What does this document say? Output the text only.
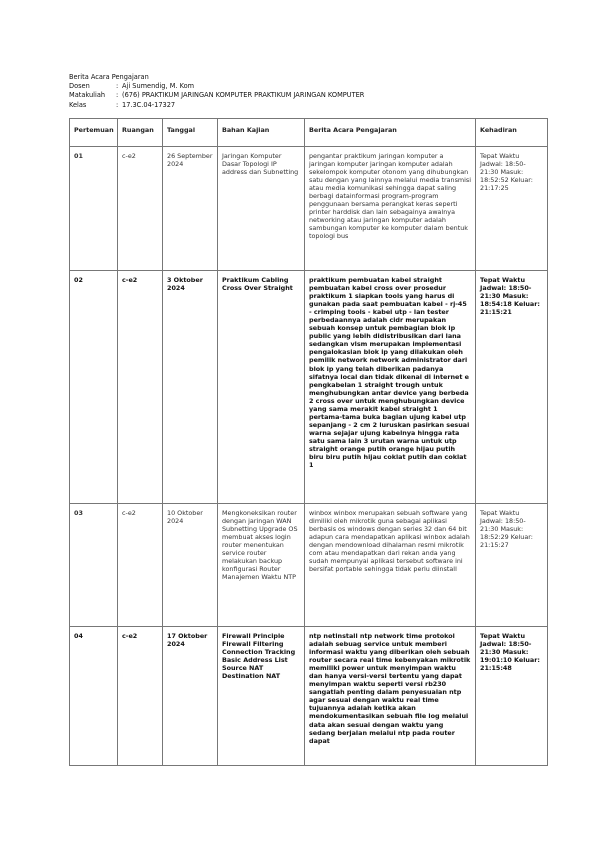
Berita Acara Pengajaran
Dosen	: Aji Sumendig, M. Kom
Matakuliah	: (676) PRAKTIKUM JARINGAN KOMPUTER PRAKTIKUM JARINGAN KOMPUTER
Kelas	: 17.3C.04-17327
Pertemuan	Ruangan	Tanggal	Bahan Kajian	Berita Acara Pengajaran	Kehadiran
01	c-e2	26 September 2024	Jaringan Komputer Dasar Topologi IP address dan Subnetting	pengantar praktikum jaringan komputer a jaringan komputer jaringan komputer adalah sekelompok komputer otonom yang dihubungkan satu dengan yang lainnya melalui media transmisi atau media komunikasi sehingga dapat saling berbagi datainformasi program-program penggunaan bersama perangkat keras seperti printer harddisk dan lain sebagainya awalnya networking atau jaringan komputer adalah sambungan komputer ke komputer dalam bentuk topologi bus	Tepat Waktu Jadwal: 18:50-21:30 Masuk: 18:52:52 Keluar: 21:17:25
02	c-e2	3 Oktober 2024	Praktikum Cabling Cross Over Straight	praktikum pembuatan kabel straight pembuatan kabel cross over prosedur praktikum 1 siapkan tools yang harus di gunakan pada saat pembuatan kabel - rj-45 - crimping tools - kabel utp - lan tester perbedaannya adalah cidr merupakan sebuah konsep untuk pembagian blok ip public yang lebih didistribusikan dari lana sedangkan vlsm merupakan implementasi pengalokasian blok ip yang dilakukan oleh pemilik network network administrator dari blok ip yang telah diberikan padanya sifatnya local dan tidak dikenal di internet e pengkabelan 1 straight trough untuk menghubungkan antar device yang berbeda 2 cross over untuk menghubungkan device yang sama merakit kabel straight 1 pertama-tama buka bagian ujung kabel utp sepanjang - 2 cm 2 luruskan pasirkan sesuai warna sejajar ujung kabelnya hingga rata satu sama lain 3 urutan warna untuk utp straight orange putih orange hijau putih biru biru putih hijau coklat putih dan coklat 1	Tepat Waktu Jadwal: 18:50-21:30 Masuk: 18:54:18 Keluar: 21:15:21
03	c-e2	10 Oktober 2024	Mengkoneksikan router dengan jaringan WAN Subnetting Upgrade OS membuat akses login router menentukan service router melakukan backup konfigurasi Router Manajemen Waktu NTP	winbox winbox merupakan sebuah software yang dimiliki oleh mikrotik guna sebagai aplikasi berbasis os windows dengan series 32 dan 64 bit adapun cara mendapatkan aplikasi winbox adalah dengan mendownload dihalaman resmi mikrotik com atau mendapatkan dari rekan anda yang sudah mempunyai aplikasi tersebut software ini bersifat portable sehingga tidak perlu diinstall	Tepat Waktu Jadwal: 18:50-21:30 Masuk: 18:52:29 Keluar: 21:15:27
04	c-e2	17 Oktober 2024	Firewall Principle Firewall Filtering Connection Tracking Basic Address List Source NAT Destination NAT	ntp netinstall ntp network time protokol adalah sebuag service untuk memberi informasi waktu yang diberikan oleh sebuah router secara real time kebenyakan mikrotik memiliki power untuk menyimpan waktu dan hanya versi-versi tertentu yang dapat menyimpan waktu seperti versi rb230 sangatlah penting dalam penyesuaian ntp agar sesuai dengan waktu real time tujuannya adalah ketika akan mendokumentasikan sebuah file log melalui data akan sesuai dengan waktu yang sedang berjalan melalui ntp pada router dapat	Tepat Waktu Jadwal: 18:50-21:30 Masuk: 19:01:10 Keluar: 21:15:48
